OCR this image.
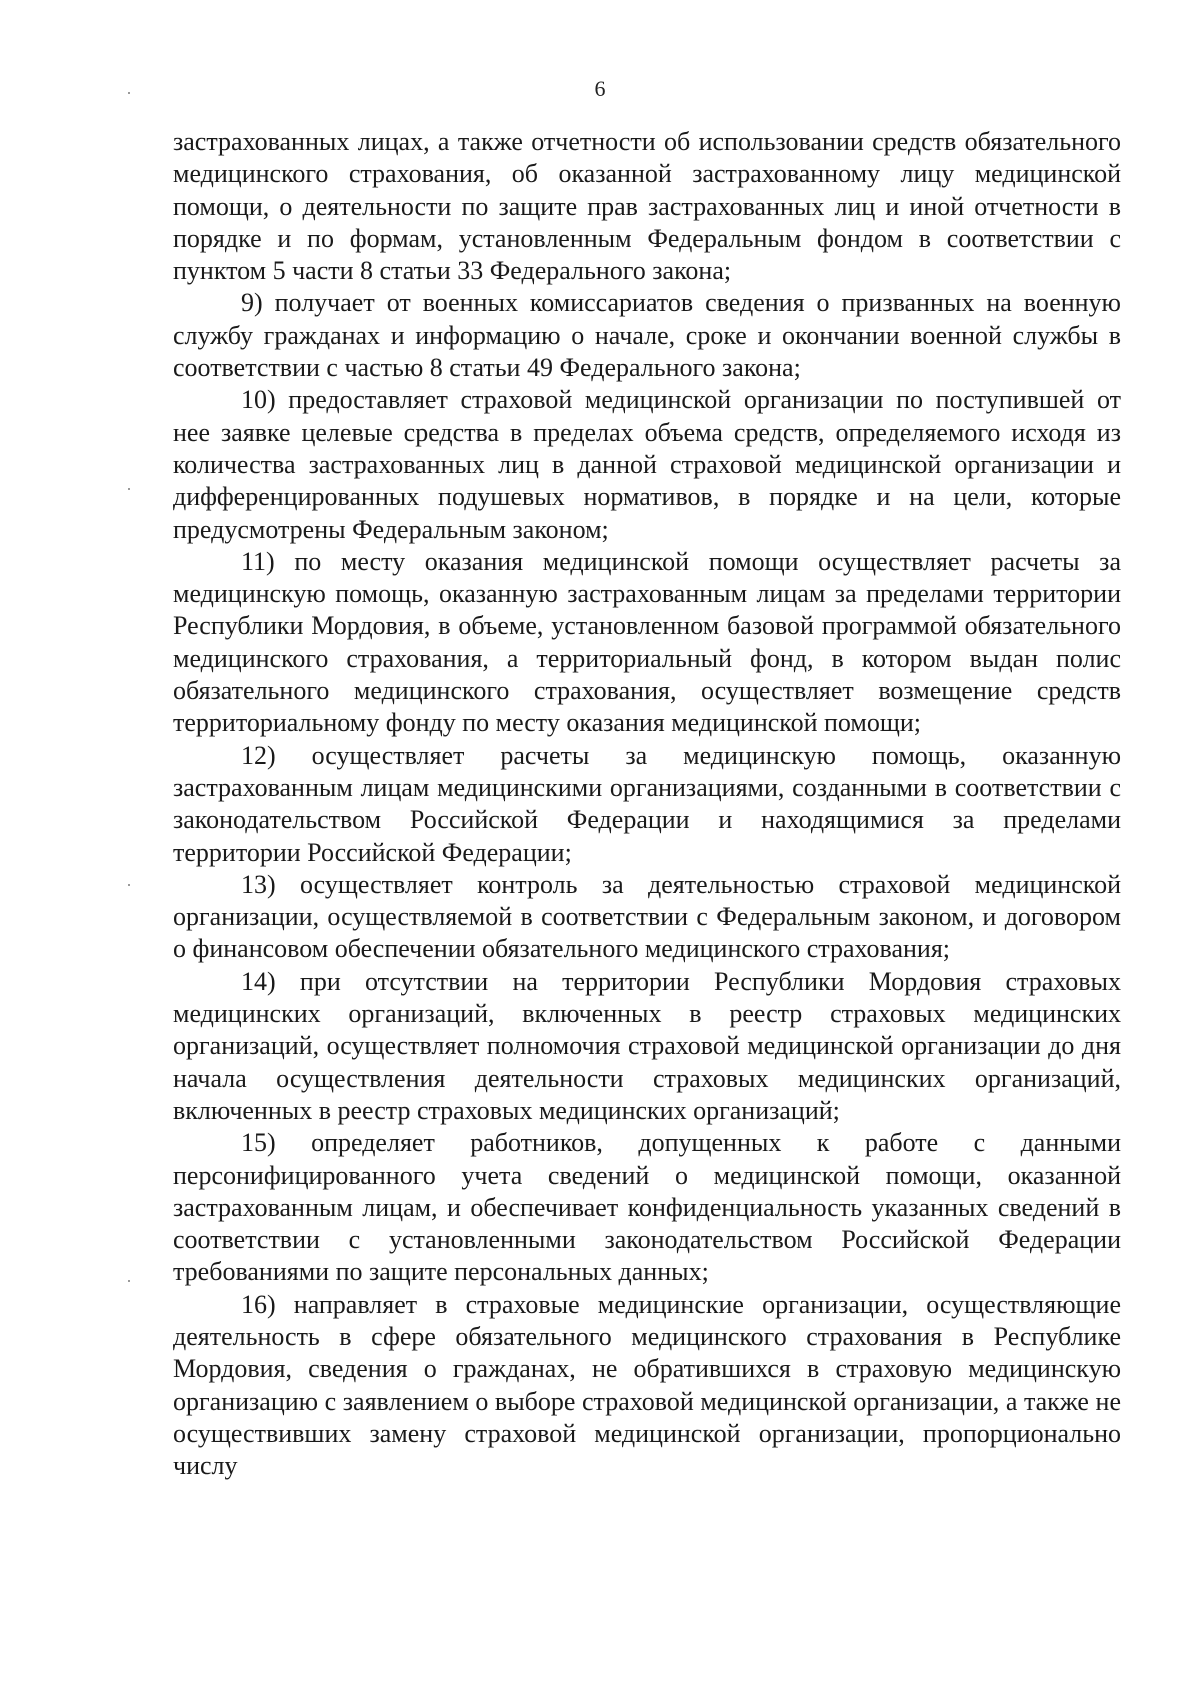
6

застрахованных лицах, а также отчетности об использовании средств обязательного медицинского страхования, об оказанной застрахованному лицу медицинской помощи, о деятельности по защите прав застрахованных лиц и иной отчетности в порядке и по формам, установленным Федеральным фондом в соответствии с пунктом 5 части 8 статьи 33 Федерального закона;

9) получает от военных комиссариатов сведения о призванных на военную службу гражданах и информацию о начале, сроке и окончании военной службы в соответствии с частью 8 статьи 49 Федерального закона;

10) предоставляет страховой медицинской организации по поступившей от нее заявке целевые средства в пределах объема средств, определяемого исходя из количества застрахованных лиц в данной страховой медицинской организации и дифференцированных подушевых нормативов, в порядке и на цели, которые предусмотрены Федеральным законом;

11) по месту оказания медицинской помощи осуществляет расчеты за медицинскую помощь, оказанную застрахованным лицам за пределами территории Республики Мордовия, в объеме, установленном базовой программой обязательного медицинского страхования, а территориальный фонд, в котором выдан полис обязательного медицинского страхования, осуществляет возмещение средств территориальному фонду по месту оказания медицинской помощи;

12) осуществляет расчеты за медицинскую помощь, оказанную застрахованным лицам медицинскими организациями, созданными в соответствии с законодательством Российской Федерации и находящимися за пределами территории Российской Федерации;

13) осуществляет контроль за деятельностью страховой медицинской организации, осуществляемой в соответствии с Федеральным законом, и договором о финансовом обеспечении обязательного медицинского страхования;

14) при отсутствии на территории Республики Мордовия страховых медицинских организаций, включенных в реестр страховых медицинских организаций, осуществляет полномочия страховой медицинской организации до дня начала осуществления деятельности страховых медицинских организаций, включенных в реестр страховых медицинских организаций;

15) определяет работников, допущенных к работе с данными персонифицированного учета сведений о медицинской помощи, оказанной застрахованным лицам, и обеспечивает конфиденциальность указанных сведений в соответствии с установленными законодательством Российской Федерации требованиями по защите персональных данных;

16) направляет в страховые медицинские организации, осуществляющие деятельность в сфере обязательного медицинского страхования в Республике Мордовия, сведения о гражданах, не обратившихся в страховую медицинскую организацию с заявлением о выборе страховой медицинской организации, а также не осуществивших замену страховой медицинской организации, пропорционально числу
